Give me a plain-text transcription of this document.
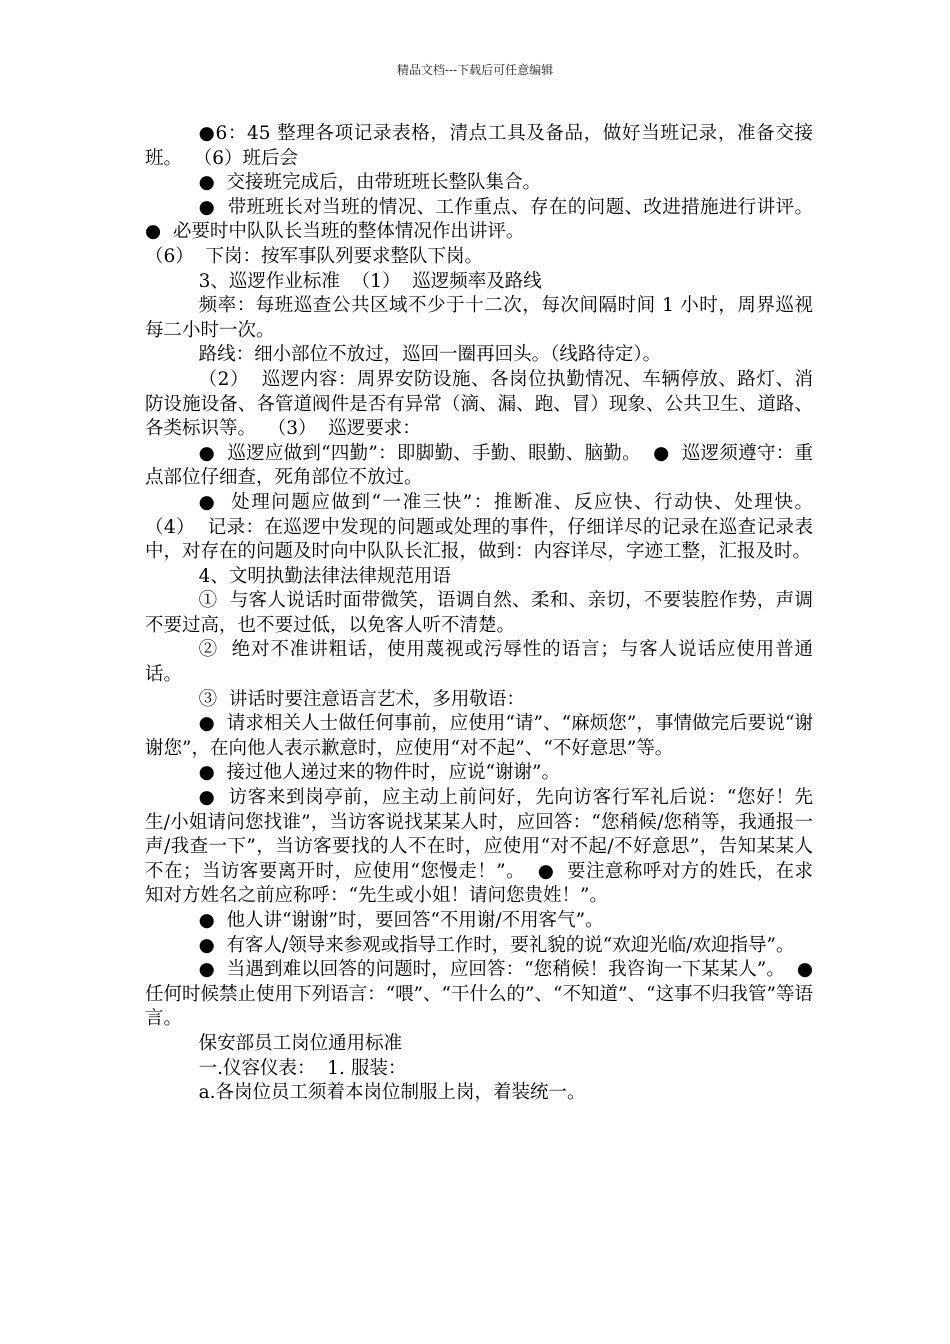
精品文档---下载后可任意编辑

●6：45 整理各项记录表格，清点工具及备品，做好当班记录，准备交接班。  （6）班后会

●  交接班完成后，由带班班长整队集合。

●  带班班长对当班的情况、工作重点、存在的问题、改进措施进行讲评。  ●  必要时中队队长当班的整体情况作出讲评。

（6）  下岗：按军事队列要求整队下岗。

3、巡逻作业标准  （1）  巡逻频率及路线

频率：每班巡查公共区域不少于十二次，每次间隔时间 1 小时，周界巡视每二小时一次。

路线：细小部位不放过，巡回一圈再回头。（线路待定）。

（2）  巡逻内容：周界安防设施、各岗位执勤情况、车辆停放、路灯、消防设施设备、各管道阀件是否有异常（滴、漏、跑、冒）现象、公共卫生、道路、各类标识等。  （3）  巡逻要求：

●  巡逻应做到“四勤”：即脚勤、手勤、眼勤、脑勤。  ●  巡逻须遵守：重点部位仔细查，死角部位不放过。

●  处理问题应做到“一准三快”：推断准、反应快、行动快、处理快。  （4）  记录：在巡逻中发现的问题或处理的事件，仔细详尽的记录在巡查记录表中，对存在的问题及时向中队队长汇报，做到：内容详尽，字迹工整，汇报及时。

4、文明执勤法律法律规范用语

①  与客人说话时面带微笑，语调自然、柔和、亲切，不要装腔作势，声调不要过高，也不要过低，以免客人听不清楚。

②  绝对不准讲粗话，使用蔑视或污辱性的语言；与客人说话应使用普通话。

③  讲话时要注意语言艺术，多用敬语：

●  请求相关人士做任何事前，应使用“请”、“麻烦您”，事情做完后要说“谢谢您”，在向他人表示歉意时，应使用“对不起”、“不好意思”等。

●  接过他人递过来的物件时，应说“谢谢”。

●  访客来到岗亭前，应主动上前问好，先向访客行军礼后说：“您好！先生/小姐请问您找谁”，当访客说找某某人时，应回答：“您稍候/您稍等，我通报一声/我查一下”，当访客要找的人不在时，应使用“对不起/不好意思”，告知某某人不在；当访客要离开时，应使用“您慢走！”。  ●  要注意称呼对方的姓氏，在求知对方姓名之前应称呼：“先生或小姐！请问您贵姓！”。

●  他人讲“谢谢”时，要回答“不用谢/不用客气”。

●  有客人/领导来参观或指导工作时，要礼貌的说“欢迎光临/欢迎指导”。

●  当遇到难以回答的问题时，应回答：“您稍候！我咨询一下某某人”。  ●  任何时候禁止使用下列语言：“喂”、“干什么的”、“不知道”、“这事不归我管”等语言。

保安部员工岗位通用标准

一.仪容仪表：  1. 服装：

a.各岗位员工须着本岗位制服上岗，着装统一。
